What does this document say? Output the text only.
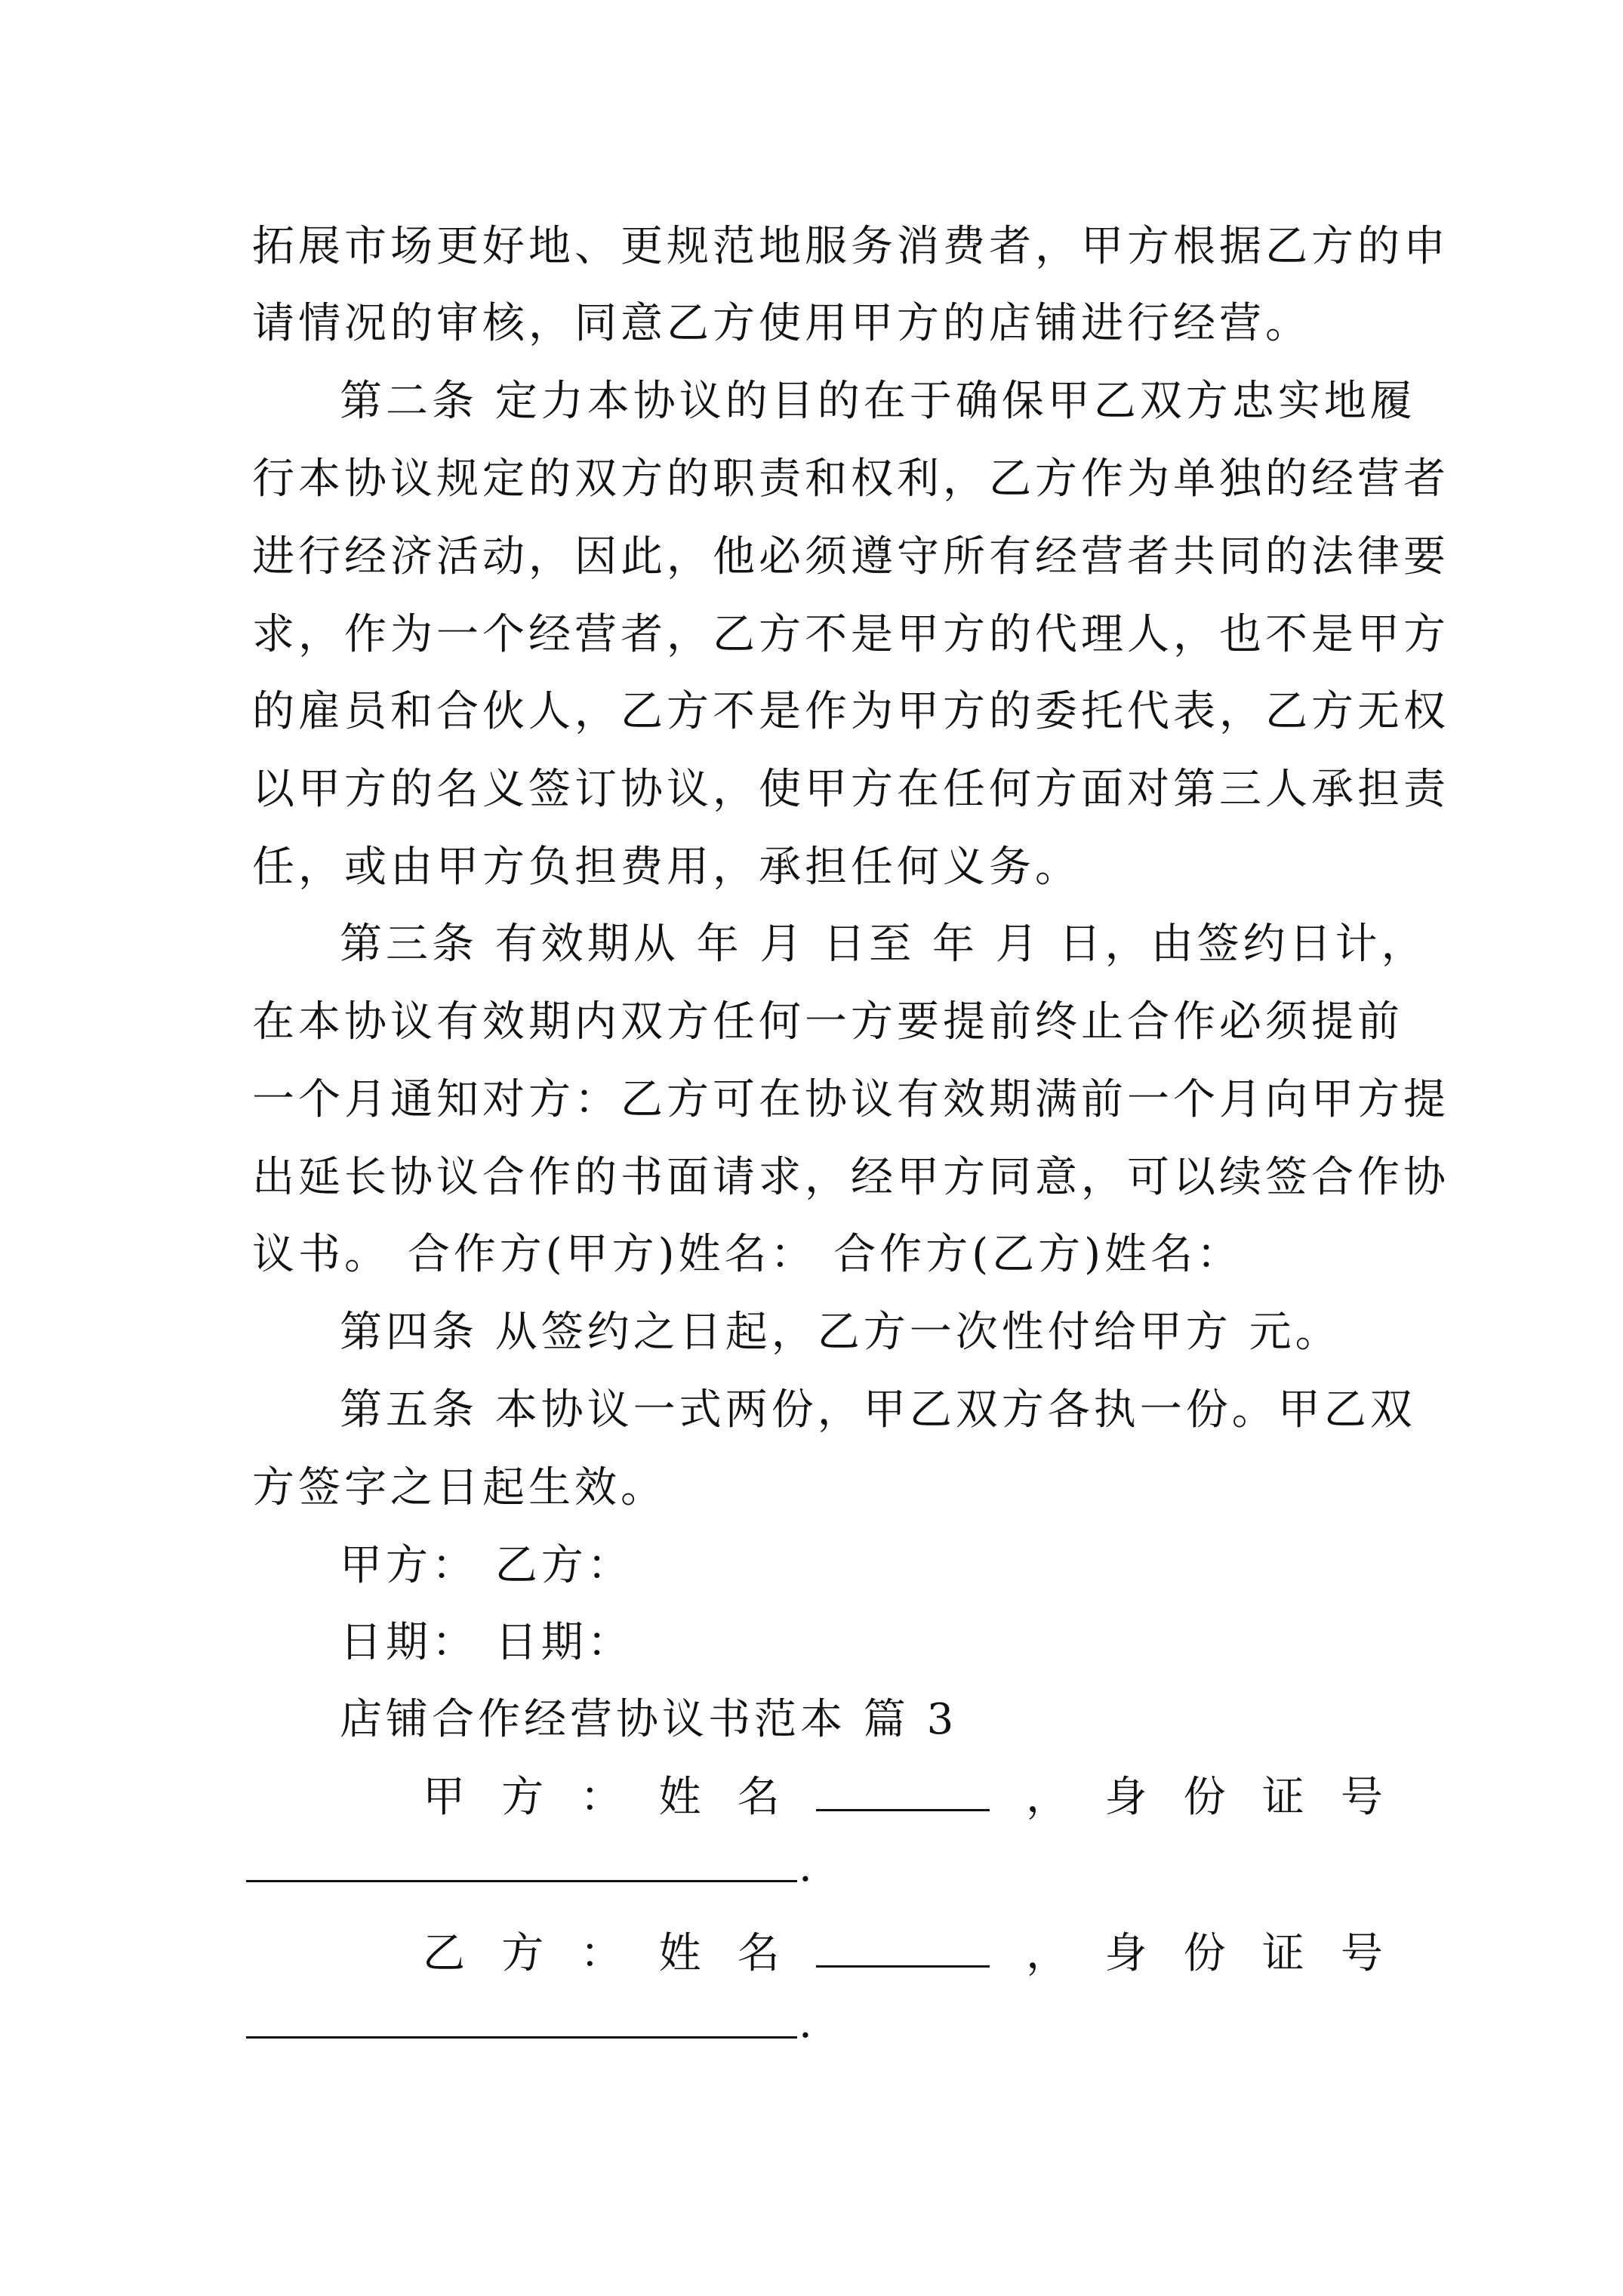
拓展市场更好地、更规范地服务消费者，甲方根据乙方的申
请情况的审核，同意乙方使用甲方的店铺进行经营。
第二条 定力本协议的目的在于确保甲乙双方忠实地履
行本协议规定的双方的职责和权利，乙方作为单独的经营者
进行经济活动，因此，他必须遵守所有经营者共同的法律要
求，作为一个经营者，乙方不是甲方的代理人，也不是甲方
的雇员和合伙人，乙方不是作为甲方的委托代表，乙方无权
以甲方的名义签订协议，使甲方在任何方面对第三人承担责
任，或由甲方负担费用，承担任何义务。
第三条 有效期从 年 月 日至 年 月 日，由签约日计，
在本协议有效期内双方任何一方要提前终止合作必须提前
一个月通知对方：乙方可在协议有效期满前一个月向甲方提
出延长协议合作的书面请求，经甲方同意，可以续签合作协
议书。 合作方(甲方)姓名： 合作方(乙方)姓名：
第四条 从签约之日起，乙方一次性付给甲方 元。
第五条 本协议一式两份，甲乙双方各执一份。甲乙双
方签字之日起生效。
甲方： 乙方：
日期： 日期：
店铺合作经营协议书范本 篇 3
甲 方 ： 姓 名	， 身 份 证 号
.
乙 方 ： 姓 名	， 身 份 证 号
.
